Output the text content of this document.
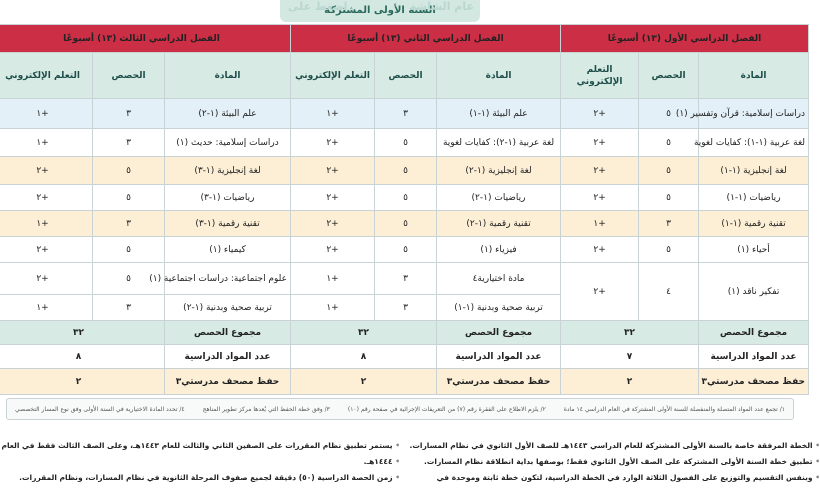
اضغط على
السنة الأولى المشتركة
عام الشاشة
الفصل الدراسي الأول (١٣) أسبوعًا			الفصل الدراسي الثاني (١٣) أسبوعًا			الفصل الدراسي الثالث (١٣) أسبوعًا		
المادة	الحصص	التعلم الإلكتروني	المادة	الحصص	التعلم الإلكتروني	المادة	الحصص	التعلم الإلكتروني
دراسات إسلامية: قرآن وتفسير (١)	٥	+٢	علم البيئة (١-١)	٣	+١	علم البيئة (١-٢)	٣	+١
لغة عربية (١-١): كفايات لغوية	٥	+٢	لغة عربية (١-٢): كفايات لغوية	٥	+٢	دراسات إسلامية: حديث (١)	٣	+١
لغة إنجليزية (١-١)	٥	+٢	لغة إنجليزية (١-٢)	٥	+٢	لغة إنجليزية (١-٣)	٥	+٢
رياضيات (١-١)	٥	+٢	رياضيات (١-٢)	٥	+٢	رياضيات (١-٣)	٥	+٢
تقنية رقمية (١-١)	٣	+١	تقنية رقمية (١-٢)	٥	+٢	تقنية رقمية (١-٣)	٣	+١
أحياء (١)	٥	+٢	فيزياء (١)	٥	+٢	كيمياء (١)	٥	+٢
تفكير ناقد (١)	٤	+٢	مادة اختيارية٤	٣	+١	علوم اجتماعية: دراسات اجتماعية (١)	٥	+٢
			تربية صحية وبدنية (١-١)	٣	+١	تربية صحية وبدنية (١-٢)	٣	+١
مجموع الحصص	٣٢		مجموع الحصص	٣٢		مجموع الحصص	٣٢	
عدد المواد الدراسية	٧		عدد المواد الدراسية	٨		عدد المواد الدراسية	٨	
حفظ مصحف مدرستي٣	٢		حفظ مصحف مدرستي٣	٢		حفظ مصحف مدرستي٣	٢	
١/ تجمع عدد المواد المتصلة والمنفصلة للسنة الأولى المشتركة في العام الدراسي ١٤ مادة
٢/ يلزم الاطلاع على الفقرة رقم (٧) من التعريفات الإجرائية في صفحة رقم (١٠)
٣/ وفق خطة الحفظ التي يُعدها مركز تطوير المناهج
٤/ تحدد المادة الاختيارية في السنة الأولى وفق نوع المسار التخصصي

• الخطة المرفقة خاصة بالسنة الأولى المشتركة للعام الدراسي ١٤٤٣هـ للصف الأول الثانوي في نظام المسارات.

• تطبيق خطة السنة الأولى المشتركة على الصف الأول الثانوي فقط؛ بوصفها بداية انطلاقة نظام المسارات.

• وبنفس التقسيم والتوزيع على الفصول الثلاثة الوارد في الخطة الدراسية، لتكون خطة ثابتة وموحدة في

• يستمر تطبيق نظام المقررات على الصفين الثاني والثالث للعام ١٤٤٣هـ، وعلى الصف الثالث فقط في العام

• ١٤٤٤هـ.

• زمن الحصة الدراسية (٥٠) دقيقة لجميع صفوف المرحلة الثانوية في نظام المسارات، ونظام المقررات.
